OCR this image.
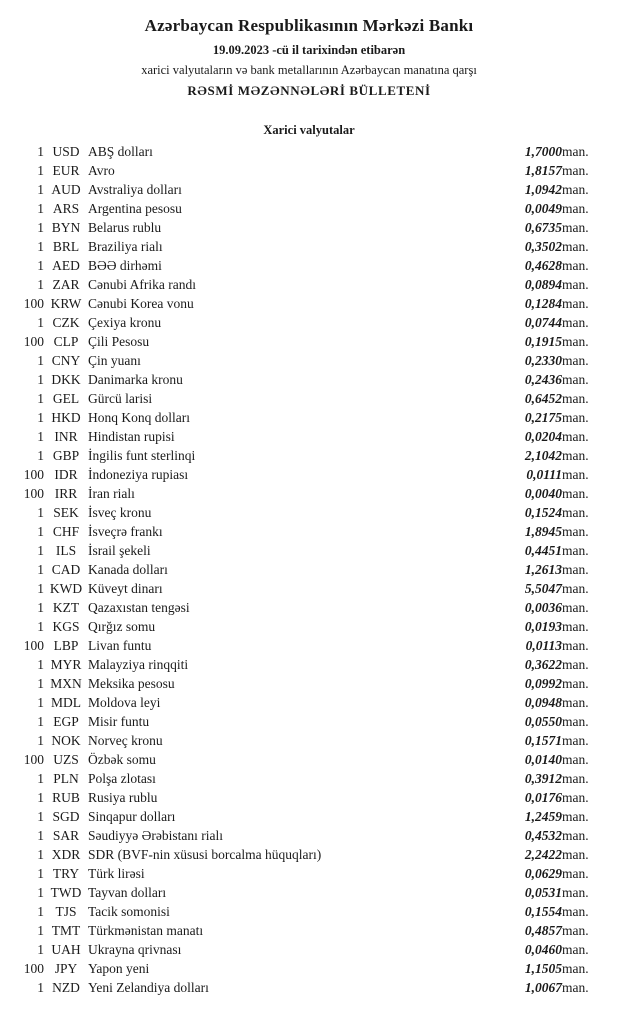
Azərbaycan Respublikasının Mərkəzi Bankı
19.09.2023 -cü il tarixindən etibarən
xarici valyutaların və bank metallarının Azərbaycan manatına qarşı
RƏSMİ MƏZƏNNƏLƏRİ BÜLLETENİ
Xarici valyutalar
1	USD	ABŞ dolları	1,7000	man.
1	EUR	Avro	1,8157	man.
1	AUD	Avstraliya dolları	1,0942	man.
1	ARS	Argentina pesosu	0,0049	man.
1	BYN	Belarus rublu	0,6735	man.
1	BRL	Braziliya rialı	0,3502	man.
1	AED	BƏƏ dirhəmi	0,4628	man.
1	ZAR	Cənubi Afrika randı	0,0894	man.
100	KRW	Cənubi Korea vonu	0,1284	man.
1	CZK	Çexiya kronu	0,0744	man.
100	CLP	Çili Pesosu	0,1915	man.
1	CNY	Çin yuanı	0,2330	man.
1	DKK	Danimarka kronu	0,2436	man.
1	GEL	Gürcü larisi	0,6452	man.
1	HKD	Honq Konq dolları	0,2175	man.
1	INR	Hindistan rupisi	0,0204	man.
1	GBP	İngilis funt sterlinqi	2,1042	man.
100	IDR	İndoneziya rupiası	0,0111	man.
100	IRR	İran rialı	0,0040	man.
1	SEK	İsveç kronu	0,1524	man.
1	CHF	İsveçrə frankı	1,8945	man.
1	ILS	İsrail şekeli	0,4451	man.
1	CAD	Kanada dolları	1,2613	man.
1	KWD	Küveyt dinarı	5,5047	man.
1	KZT	Qazaxıstan tengəsi	0,0036	man.
1	KGS	Qırğız somu	0,0193	man.
100	LBP	Livan funtu	0,0113	man.
1	MYR	Malayziya rinqqiti	0,3622	man.
1	MXN	Meksika pesosu	0,0992	man.
1	MDL	Moldova leyi	0,0948	man.
1	EGP	Misir funtu	0,0550	man.
1	NOK	Norveç kronu	0,1571	man.
100	UZS	Özbək somu	0,0140	man.
1	PLN	Polşa zlotası	0,3912	man.
1	RUB	Rusiya rublu	0,0176	man.
1	SGD	Sinqapur dolları	1,2459	man.
1	SAR	Səudiyyə Ərəbistanı rialı	0,4532	man.
1	XDR	SDR (BVF-nin xüsusi borcalma hüquqları)	2,2422	man.
1	TRY	Türk lirəsi	0,0629	man.
1	TWD	Tayvan dolları	0,0531	man.
1	TJS	Tacik somonisi	0,1554	man.
1	TMT	Türkmənistan manatı	0,4857	man.
1	UAH	Ukrayna qrivnası	0,0460	man.
100	JPY	Yapon yeni	1,1505	man.
1	NZD	Yeni Zelandiya dolları	1,0067	man.
